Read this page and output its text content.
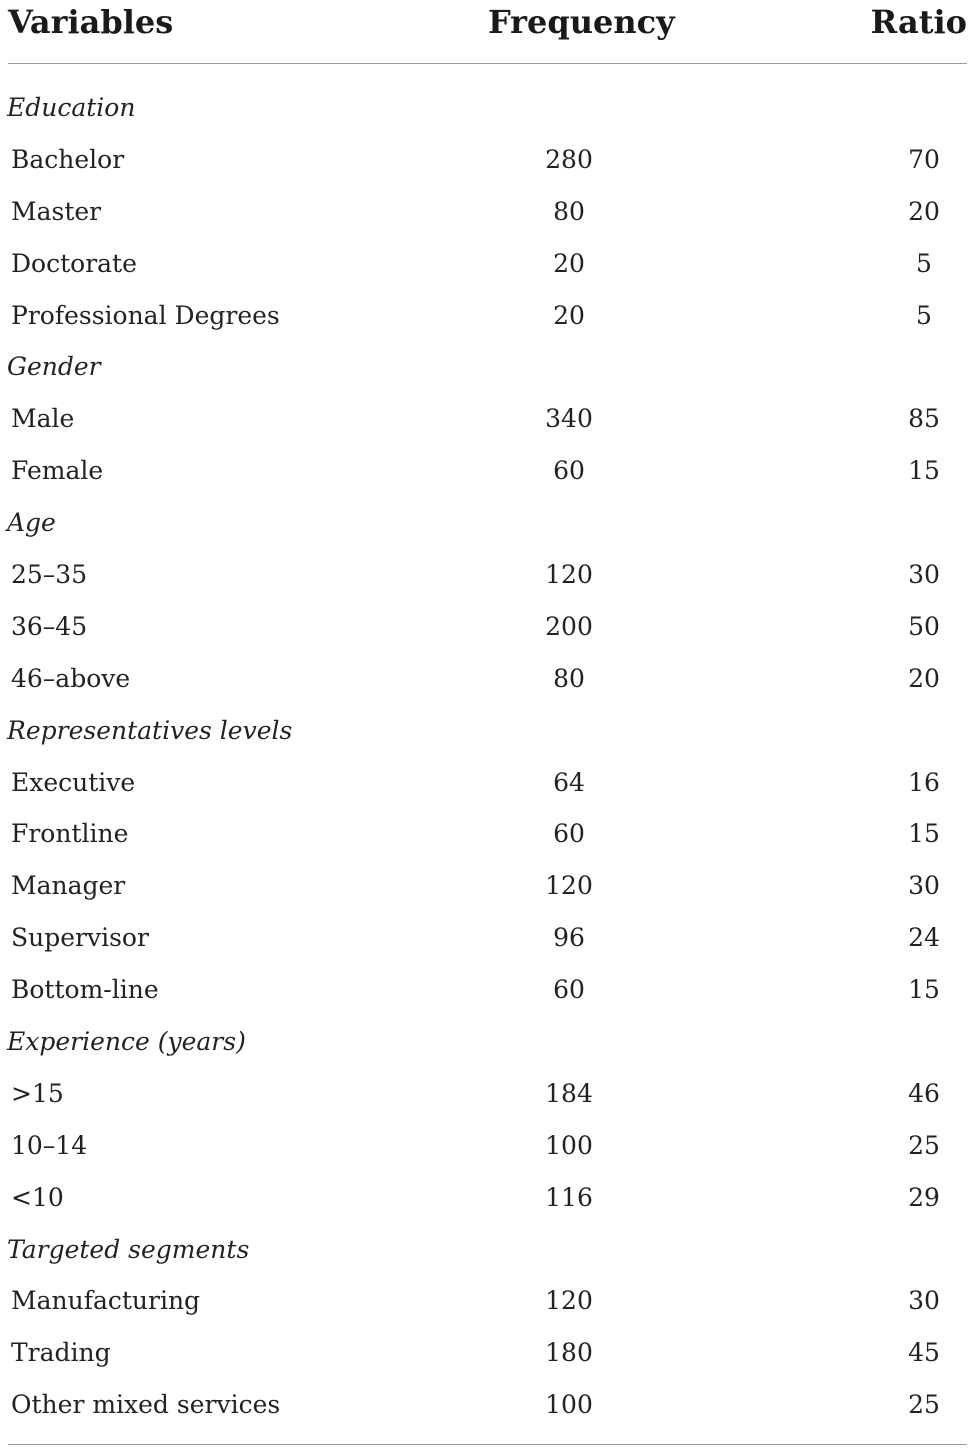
Variables	Frequency	Ratio
Education
Bachelor	280	70
Master	80	20
Doctorate	20	5
Professional Degrees	20	5
Gender
Male	340	85
Female	60	15
Age
25–35	120	30
36–45	200	50
46–above	80	20
Representatives levels
Executive	64	16
Frontline	60	15
Manager	120	30
Supervisor	96	24
Bottom-line	60	15
Experience (years)
>15	184	46
10–14	100	25
<10	116	29
Targeted segments
Manufacturing	120	30
Trading	180	45
Other mixed services	100	25
